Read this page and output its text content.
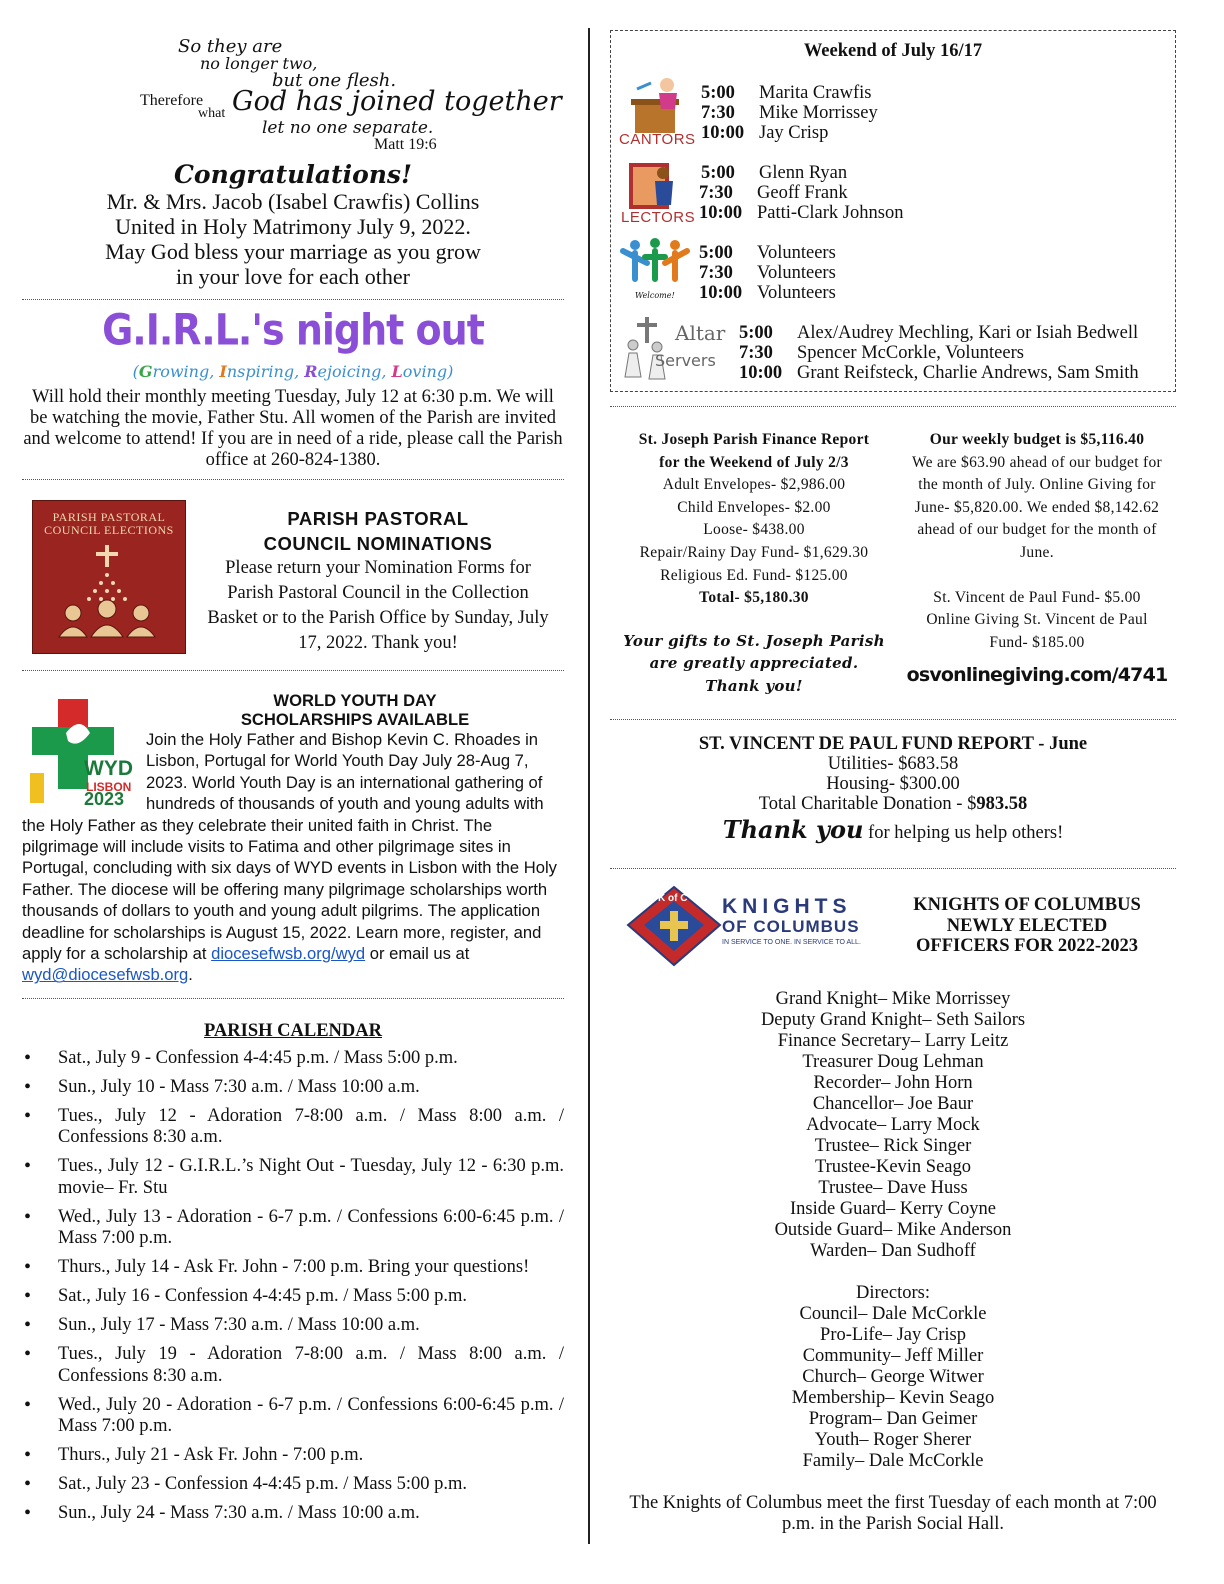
So they are
no longer two,
but one flesh.
Therefore
what God has joined together
let no one separate.
Matt 19:6
Congratulations!
Mr. & Mrs. Jacob (Isabel Crawfis) Collins
United in Holy Matrimony July 9, 2022.
May God bless your marriage as you grow
in your love for each other
G.I.R.L.'s night out
(Growing, Inspiring, Rejoicing, Loving)
Will hold their monthly meeting Tuesday, July 12 at 6:30 p.m. We will be watching the movie, Father Stu. All women of the Parish are invited and welcome to attend! If you are in need of a ride, please call the Parish office at 260-824-1380.
PARISH PASTORAL COUNCIL ELECTIONS
PARISH PASTORAL
COUNCIL NOMINATIONS
Please return your Nomination Forms for Parish Pastoral Council in the Collection Basket or to the Parish Office by Sunday, July 17, 2022. Thank you!
WYD
LISBON
2023
WORLD YOUTH DAY
SCHOLARSHIPS AVAILABLE
Join the Holy Father and Bishop Kevin C. Rhoades in Lisbon, Portugal for World Youth Day July 28-Aug 7, 2023. World Youth Day is an international gathering of hundreds of thousands of youth and young adults with the Holy Father as they celebrate their united faith in Christ. The pilgrimage will include visits to Fatima and other pilgrimage sites in Portugal, concluding with six days of WYD events in Lisbon with the Holy Father. The diocese will be offering many pilgrimage scholarships worth thousands of dollars to youth and young adult pilgrims. The application deadline for scholarships is August 15, 2022. Learn more, register, and apply for a scholarship at diocesefwsb.org/wyd or email us at wyd@diocesefwsb.org.
PARISH CALENDAR
• Sat., July 9 - Confession 4-4:45 p.m. / Mass 5:00 p.m.
• Sun., July 10 - Mass 7:30 a.m. / Mass 10:00 a.m.
• Tues., July 12 - Adoration 7-8:00 a.m. / Mass 8:00 a.m. / Confessions 8:30 a.m.
• Tues., July 12 - G.I.R.L.’s Night Out - Tuesday, July 12 - 6:30 p.m. movie– Fr. Stu
• Wed., July 13 - Adoration - 6-7 p.m. / Confessions 6:00-6:45 p.m. / Mass 7:00 p.m.
• Thurs., July 14 - Ask Fr. John - 7:00 p.m. Bring your questions!
• Sat., July 16 - Confession 4-4:45 p.m. / Mass 5:00 p.m.
• Sun., July 17 - Mass 7:30 a.m. / Mass 10:00 a.m.
• Tues., July 19 - Adoration 7-8:00 a.m. / Mass 8:00 a.m. / Confessions 8:30 a.m.
• Wed., July 20 - Adoration - 6-7 p.m. / Confessions 6:00-6:45 p.m. / Mass 7:00 p.m.
• Thurs., July 21 - Ask Fr. John - 7:00 p.m.
• Sat., July 23 - Confession 4-4:45 p.m. / Mass 5:00 p.m.
• Sun., July 24 - Mass 7:30 a.m. / Mass 10:00 a.m.
Weekend of July 16/17
CANTORS
5:00 Marita Crawfis
7:30 Mike Morrissey
10:00 Jay Crisp
LECTORS
5:00 Glenn Ryan
7:30 Geoff Frank
10:00 Patti-Clark Johnson
Welcome!
5:00 Volunteers
7:30 Volunteers
10:00 Volunteers
Altar
Servers
5:00 Alex/Audrey Mechling, Kari or Isiah Bedwell
7:30 Spencer McCorkle, Volunteers
10:00 Grant Reifsteck, Charlie Andrews, Sam Smith
St. Joseph Parish Finance Report
for the Weekend of July 2/3
Adult Envelopes- $2,986.00
Child Envelopes- $2.00
Loose- $438.00
Repair/Rainy Day Fund- $1,629.30
Religious Ed. Fund- $125.00
Total- $5,180.30
Your gifts to St. Joseph Parish
are greatly appreciated.
Thank you!
Our weekly budget is $5,116.40
We are $63.90 ahead of our budget for the month of July. Online Giving for June- $5,820.00. We ended $8,142.62 ahead of our budget for the month of June.
St. Vincent de Paul Fund- $5.00
Online Giving St. Vincent de Paul Fund- $185.00
osvonlinegiving.com/4741
ST. VINCENT DE PAUL FUND REPORT - June
Utilities- $683.58
Housing- $300.00
Total Charitable Donation - $983.58
Thank you for helping us help others!
K of C KNIGHTS
OF COLUMBUS
IN SERVICE TO ONE. IN SERVICE TO ALL.
KNIGHTS OF COLUMBUS
NEWLY ELECTED
OFFICERS FOR 2022-2023
Grand Knight– Mike Morrissey
Deputy Grand Knight– Seth Sailors
Finance Secretary– Larry Leitz
Treasurer Doug Lehman
Recorder– John Horn
Chancellor– Joe Baur
Advocate– Larry Mock
Trustee– Rick Singer
Trustee-Kevin Seago
Trustee– Dave Huss
Inside Guard– Kerry Coyne
Outside Guard– Mike Anderson
Warden– Dan Sudhoff
Directors:
Council– Dale McCorkle
Pro-Life– Jay Crisp
Community– Jeff Miller
Church– George Witwer
Membership– Kevin Seago
Program– Dan Geimer
Youth– Roger Sherer
Family– Dale McCorkle
The Knights of Columbus meet the first Tuesday of each month at 7:00 p.m. in the Parish Social Hall.
